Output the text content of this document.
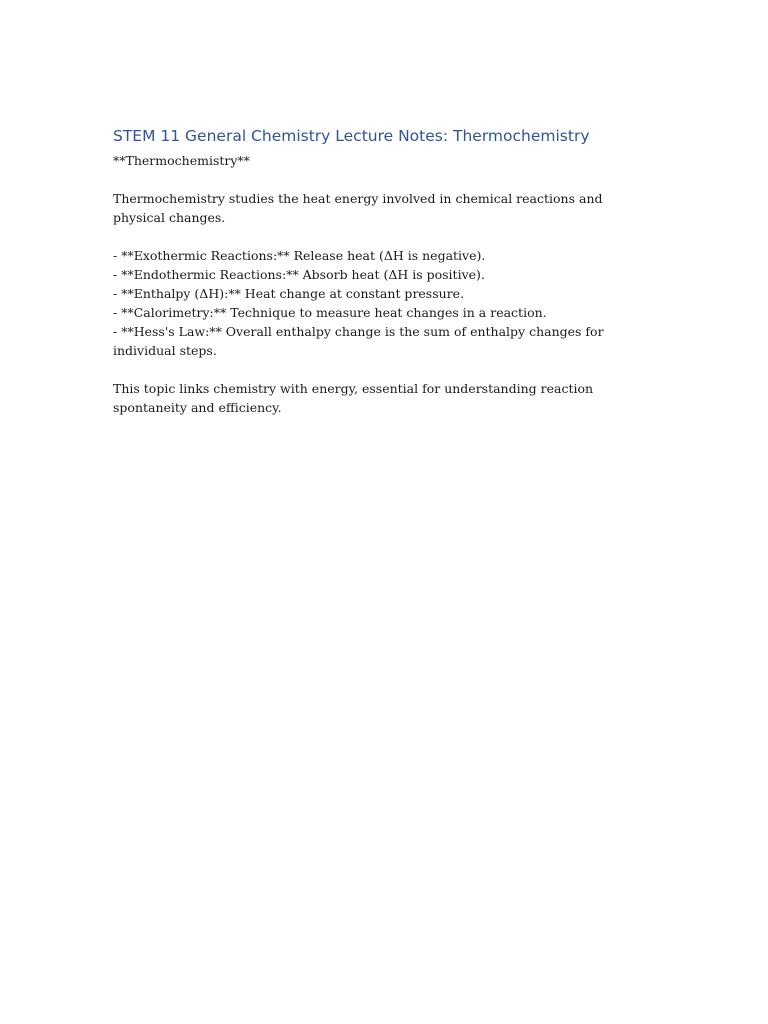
STEM 11 General Chemistry Lecture Notes: Thermochemistry

**Thermochemistry**

Thermochemistry studies the heat energy involved in chemical reactions and physical changes.

- **Exothermic Reactions:** Release heat (ΔH is negative).

- **Endothermic Reactions:** Absorb heat (ΔH is positive).

- **Enthalpy (ΔH):** Heat change at constant pressure.

- **Calorimetry:** Technique to measure heat changes in a reaction.

- **Hess's Law:** Overall enthalpy change is the sum of enthalpy changes for individual steps.

This topic links chemistry with energy, essential for understanding reaction spontaneity and efficiency.
